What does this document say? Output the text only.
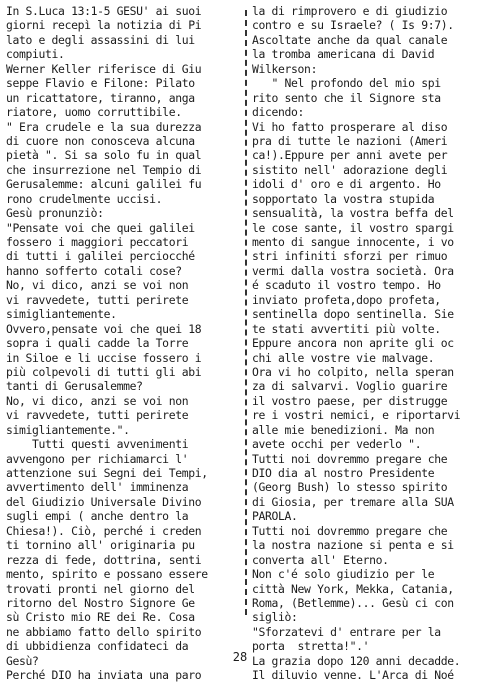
In S.Luca 13:1-5 GESU' ai suoi
giorni recepì la notizia di Pi
lato e degli assassini di lui
compiuti.
Werner Keller riferisce di Giu
seppe Flavio e Filone: Pilato
un ricattatore, tiranno, anga
riatore, uomo corruttibile.
" Era crudele e la sua durezza
di cuore non conosceva alcuna
pietà ". Si sa solo fu in qual
che insurrezione nel Tempio di
Gerusalemme: alcuni galilei fu
rono crudelmente uccisi.
Gesù pronunziò:
"Pensate voi che quei galilei
fossero i maggiori peccatori
di tutti i galilei perciocché
hanno sofferto cotali cose?
No, vi dico, anzi se voi non
vi ravvedete, tutti perirete
simigliantemente.
Ovvero,pensate voi che quei 18
sopra i quali cadde la Torre
in Siloe e li uccise fossero i
più colpevoli di tutti gli abi
tanti di Gerusalemme?
No, vi dico, anzi se voi non
vi ravvedete, tutti perirete
simigliantemente.".
Tutti questi avvenimenti
avvengono per richiamarci l'
attenzione sui Segni dei Tempi,
avvertimento dell' imminenza
del Giudizio Universale Divino
sugli empi ( anche dentro la
Chiesa!). Ciò, perché i creden
ti tornino all' originaria pu
rezza di fede, dottrina, senti
mento, spirito e possano essere
trovati pronti nel giorno del
ritorno del Nostro Signore Ge
sù Cristo mio RE dei Re. Cosa
ne abbiamo fatto dello spirito
di ubbidienza confidateci da
Gesù?
Perché DIO ha inviata una paro
la di rimprovero e di giudizio
contro e su Israele? ( Is 9:7).
Ascoltate anche da qual canale
la tromba americana di David
Wilkerson:
" Nel profondo del mio spi
rito sento che il Signore sta
dicendo:
Vi ho fatto prosperare al diso
pra di tutte le nazioni (Ameri
ca!).Eppure per anni avete per
sistito nell' adorazione degli
idoli d' oro e di argento. Ho
sopportato la vostra stupida
sensualità, la vostra beffa del
le cose sante, il vostro spargi
mento di sangue innocente, i vo
stri infiniti sforzi per rimuo
vermi dalla vostra società. Ora
é scaduto il vostro tempo. Ho
inviato profeta,dopo profeta,
sentinella dopo sentinella. Sie
te stati avvertiti più volte.
Eppure ancora non aprite gli oc
chi alle vostre vie malvage.
Ora vi ho colpito, nella speran
za di salvarvi. Voglio guarire
il vostro paese, per distrugge
re i vostri nemici, e riportarvi
alle mie benedizioni. Ma non
avete occhi per vederlo ".
Tutti noi dovremmo pregare che
DIO dia al nostro Presidente
(Georg Bush) lo stesso spirito
di Giosia, per tremare alla SUA
PAROLA.
Tutti noi dovremmo pregare che
la nostra nazione si penta e si
converta all' Eterno.
Non c'é solo giudizio per le
città New York, Mekka, Catania,
Roma, (Betlemme)... Gesù ci con
sigliò:
"Sforzatevi d' entrare per la
porta  stretta!".'
La grazia dopo 120 anni decadde.
Il diluvio venne. L'Arca di Noé
28
